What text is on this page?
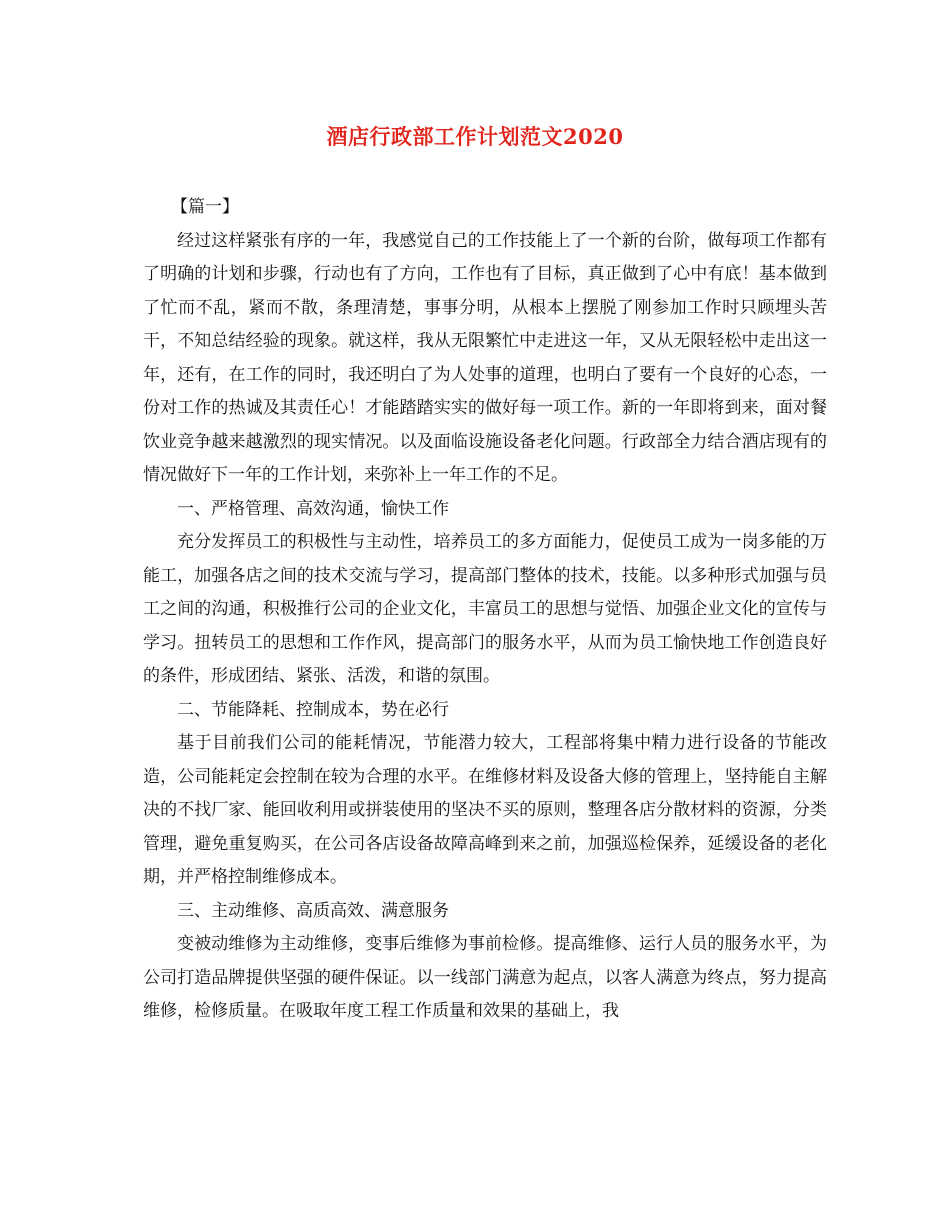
酒店行政部工作计划范文2020

【篇一】

经过这样紧张有序的一年，我感觉自己的工作技能上了一个新的台阶，做每项工作都有了明确的计划和步骤，行动也有了方向，工作也有了目标，真正做到了心中有底！基本做到了忙而不乱，紧而不散，条理清楚，事事分明，从根本上摆脱了刚参加工作时只顾埋头苦干，不知总结经验的现象。就这样，我从无限繁忙中走进这一年，又从无限轻松中走出这一年，还有，在工作的同时，我还明白了为人处事的道理，也明白了要有一个良好的心态，一份对工作的热诚及其责任心！才能踏踏实实的做好每一项工作。新的一年即将到来，面对餐饮业竞争越来越激烈的现实情况。以及面临设施设备老化问题。行政部全力结合酒店现有的情况做好下一年的工作计划，来弥补上一年工作的不足。

一、严格管理、高效沟通，愉快工作

充分发挥员工的积极性与主动性，培养员工的多方面能力，促使员工成为一岗多能的万能工，加强各店之间的技术交流与学习，提高部门整体的技术，技能。以多种形式加强与员工之间的沟通，积极推行公司的企业文化，丰富员工的思想与觉悟、加强企业文化的宣传与学习。扭转员工的思想和工作作风，提高部门的服务水平，从而为员工愉快地工作创造良好的条件，形成团结、紧张、活泼，和谐的氛围。

二、节能降耗、控制成本，势在必行

基于目前我们公司的能耗情况，节能潜力较大，工程部将集中精力进行设备的节能改造，公司能耗定会控制在较为合理的水平。在维修材料及设备大修的管理上，坚持能自主解决的不找厂家、能回收利用或拼装使用的坚决不买的原则，整理各店分散材料的资源，分类管理，避免重复购买，在公司各店设备故障高峰到来之前，加强巡检保养，延缓设备的老化期，并严格控制维修成本。

三、主动维修、高质高效、满意服务

变被动维修为主动维修，变事后维修为事前检修。提高维修、运行人员的服务水平，为公司打造品牌提供坚强的硬件保证。以一线部门满意为起点，以客人满意为终点，努力提高维修，检修质量。在吸取年度工程工作质量和效果的基础上，我
